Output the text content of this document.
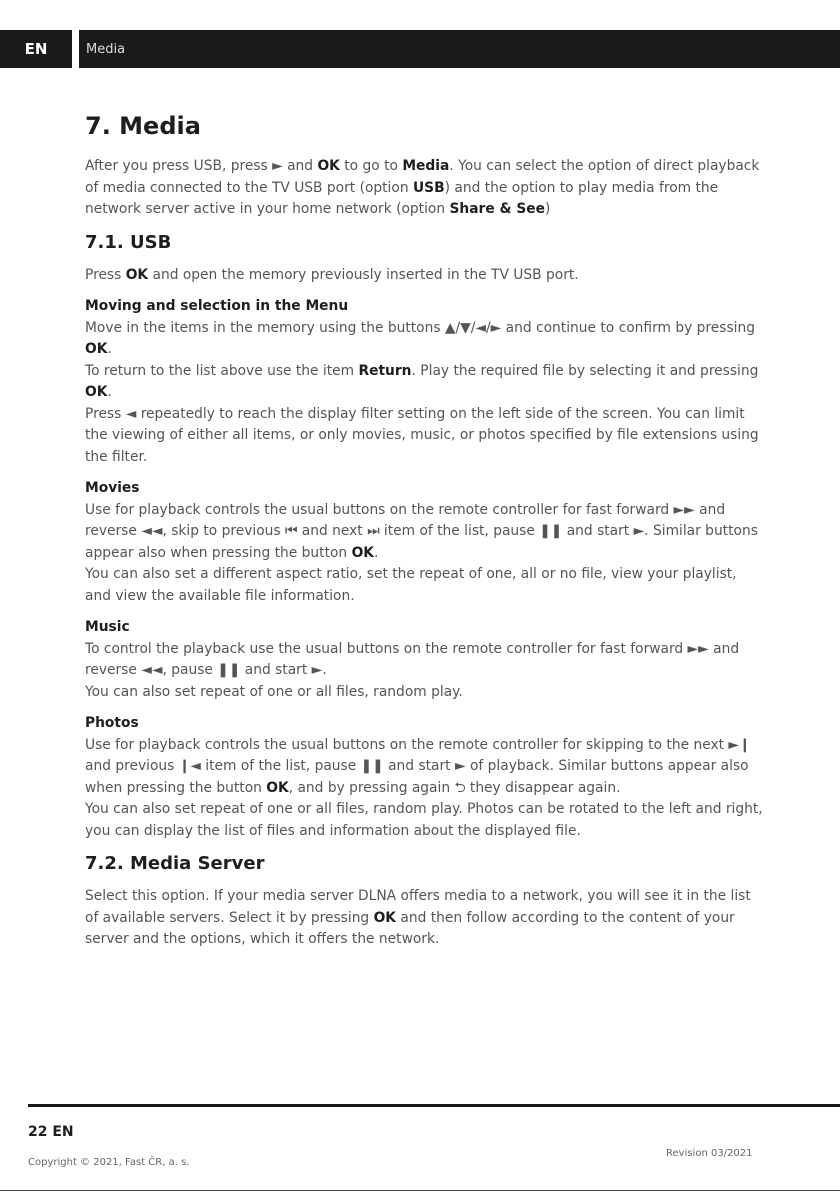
EN	Media
7. Media

After you press USB, press ► and OK to go to Media. You can select the option of direct playback of media connected to the TV USB port (option USB) and the option to play media from the network server active in your home network (option Share & See)

7.1. USB

Press OK and open the memory previously inserted in the TV USB port.

Moving and selection in the Menu

Move in the items in the memory using the buttons ▲/▼/◄/► and continue to confirm by pressing OK.

To return to the list above use the item Return. Play the required file by selecting it and pressing OK.

Press ◄ repeatedly to reach the display filter setting on the left side of the screen. You can limit the viewing of either all items, or only movies, music, or photos specified by file extensions using the filter.

Movies

Use for playback controls the usual buttons on the remote controller for fast forward ►► and reverse ◄◄, skip to previous ⏮ and next ⏭ item of the list, pause ❚❚ and start ►. Similar buttons appear also when pressing the button OK.

You can also set a different aspect ratio, set the repeat of one, all or no file, view your playlist, and view the available file information.

Music

To control the playback use the usual buttons on the remote controller for fast forward ►► and reverse ◄◄, pause ❚❚ and start ►.

You can also set repeat of one or all files, random play.

Photos

Use for playback controls the usual buttons on the remote controller for skipping to the next ►❙ and previous ❙◄ item of the list, pause ❚❚ and start ► of playback. Similar buttons appear also when pressing the button OK, and by pressing again ⮌ they disappear again.

You can also set repeat of one or all files, random play. Photos can be rotated to the left and right, you can display the list of files and information about the displayed file.

7.2. Media Server

Select this option. If your media server DLNA offers media to a network, you will see it in the list of available servers. Select it by pressing OK and then follow according to the content of your server and the options, which it offers the network.

22 EN
Copyright © 2021, Fast ČR, a. s.
Revision 03/2021
